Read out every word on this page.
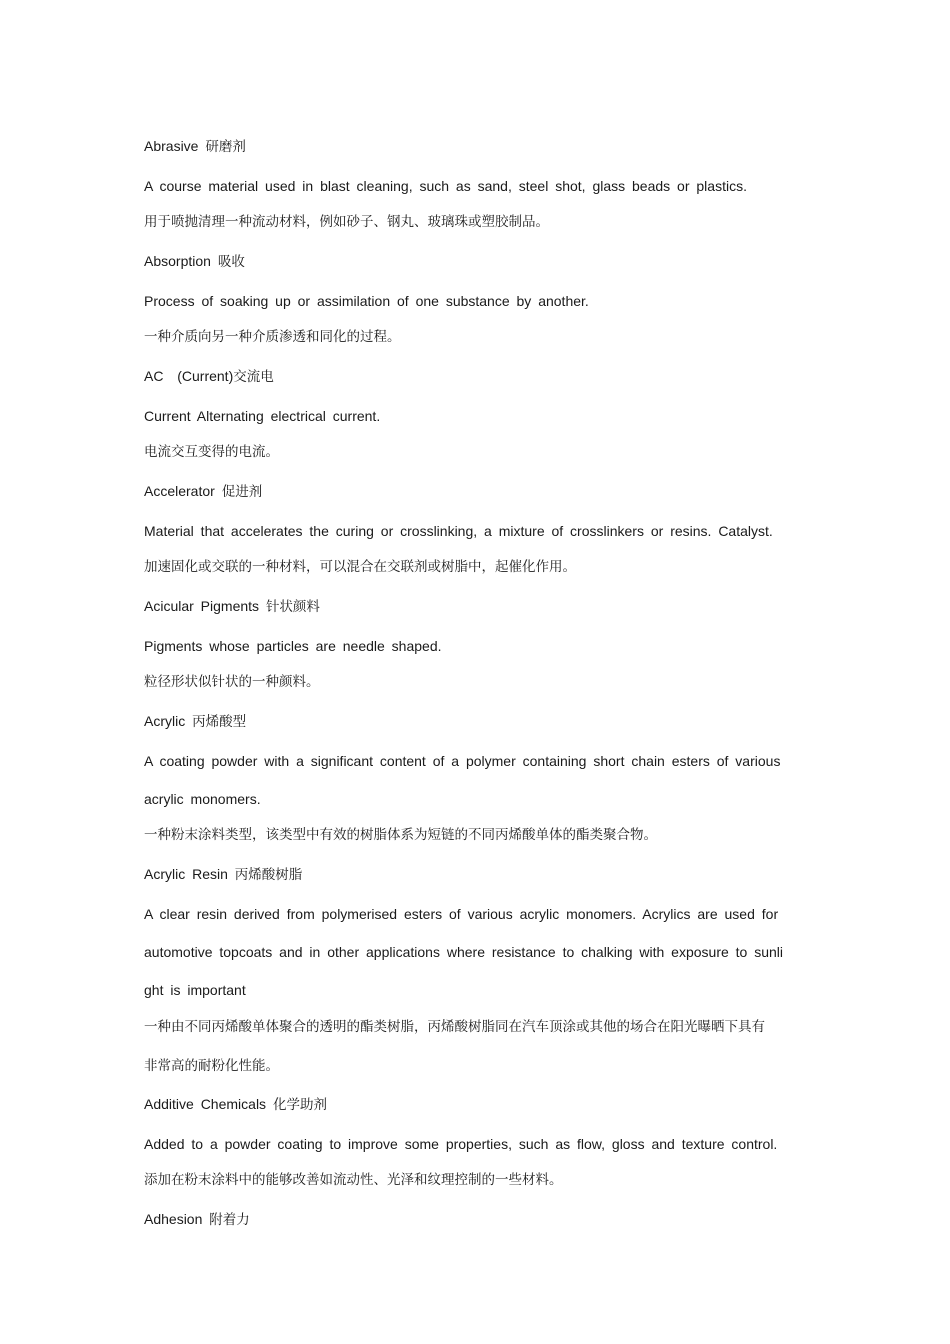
Abrasive 研磨剂
A course material used in blast cleaning, such as sand, steel shot, glass beads or plastics.
用于喷抛清理一种流动材料，例如砂子、钢丸、玻璃珠或塑胶制品。
Absorption 吸收
Process of soaking up or assimilation of one substance by another.
一种介质向另一种介质渗透和同化的过程。
AC  (Current)交流电
Current Alternating electrical current.
电流交互变得的电流。
Accelerator 促进剂
Material that accelerates the curing or crosslinking, a mixture of crosslinkers or resins. Catalyst.
加速固化或交联的一种材料，可以混合在交联剂或树脂中，起催化作用。
Acicular Pigments 针状颜料
Pigments whose particles are needle shaped.
粒径形状似针状的一种颜料。
Acrylic 丙烯酸型
A coating powder with a significant content of a polymer containing short chain esters of various
acrylic monomers.
一种粉末涂料类型，该类型中有效的树脂体系为短链的不同丙烯酸单体的酯类聚合物。
Acrylic Resin 丙烯酸树脂
A clear resin derived from polymerised esters of various acrylic monomers. Acrylics are used for
automotive topcoats and in other applications where resistance to chalking with exposure to sunli
ght is important
一种由不同丙烯酸单体聚合的透明的酯类树脂，丙烯酸树脂同在汽车顶涂或其他的场合在阳光曝晒下具有
非常高的耐粉化性能。
Additive Chemicals 化学助剂
Added to a powder coating to improve some properties, such as flow, gloss and texture control.
添加在粉末涂料中的能够改善如流动性、光泽和纹理控制的一些材料。
Adhesion 附着力
